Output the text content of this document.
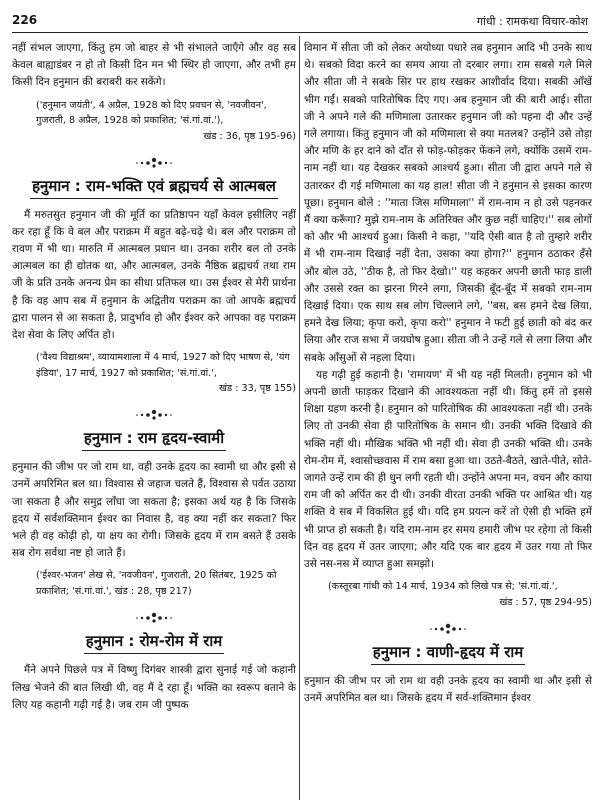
226	गांधी : रामकथा विचार-कोश

नहीं संभल जाएगा, किंतु हम जो बाहर से भी संभालते जाएँगे और वह सब केवल बाह्याडंबर न हो तो किसी दिन मन भी स्थिर हो जाएगा, और तभी हम किसी दिन हनुमान की बराबरी कर सकेंगे।

('हनुमान जयंती', 4 अप्रैल, 1928 को दिए प्रवचन से, 'नवजीवन', गुजराती, 8 अप्रैल, 1928 को प्रकाशित; 'सं.गां.वां.'),

खंड : 36, पृष्ठ 195-96)

हनुमान : राम-भक्ति एवं ब्रह्मचर्य से आत्मबल

मैं मरुतसुत हनुमान जी की मूर्ति का प्रतिष्ठापन यहाँ केवल इसीलिए नहीं कर रहा हूँ कि वे बल और पराक्रम में बहुत बढ़े-चढ़े थे। बल और पराक्रम तो रावण में भी था। मारुति में आत्मबल प्रधान था। उनका शरीर बल तो उनके आत्मबल का ही द्योतक था, और आत्मबल, उनके नैष्ठिक ब्रह्मचर्य तथा राम जी के प्रति उनके अनन्य प्रेम का सीधा प्रतिफल था। उस ईश्वर से मेरी प्रार्थना है कि वह आप सब में हनुमान के अद्वितीय पराक्रम का जो आपके ब्रह्मचर्य द्वारा पालन से आ सकता है, प्रादुर्भाव हो और ईश्वर करे आपका वह पराक्रम देश सेवा के लिए अर्पित हो।

('वैश्य विद्याश्रम', व्यायामशाला में 4 मार्च, 1927 को दिए भाषण से, 'यंग इंडिया', 17 मार्च, 1927 को प्रकाशित; 'सं.गां.वां.',

खंड : 33, पृष्ठ 155)

हनुमान : राम हृदय-स्वामी

हनुमान की जीभ पर जो राम था, वही उनके हृदय का स्वामी था और इसी से उनमें अपरिमित बल था। विश्वास से जहाज चलते हैं, विश्वास से पर्वत उठाया जा सकता है और समुद्र लाँघा जा सकता है; इसका अर्थ यह है कि जिसके हृदय में सर्वशक्तिमान ईश्वर का निवास है, वह क्या नहीं कर सकता? फिर भले ही वह कोढ़ी हो, या क्षय का रोगी। जिसके हृदय में राम बसते हैं उसके सब रोग सर्वथा नष्ट हो जाते हैं।

('ईश्वर-भजन' लेख से, 'नवजीवन', गुजराती, 20 सितंबर, 1925 को प्रकाशित; 'सं.गां.वां.', खंड : 28, पृष्ठ 217)

हनुमान : रोम-रोम में राम

मैंने अपने पिछले पत्र में विष्णु दिगंबर शास्त्री द्वारा सुनाई गई जो कहानी लिख भेजने की बात लिखी थी, वह मैं दे रहा हूँ। भक्ति का स्वरूप बताने के लिए यह कहानी गढ़ी गई है। जब राम जी पुष्पक

विमान में सीता जी को लेकर अयोध्या पधारे तब हनुमान आदि भी उनके साथ थे। सबको विदा करने का समय आया तो दरबार लगा। राम सबसे गले मिले और सीता जी ने सबके सिर पर हाथ रखकर आशीर्वाद दिया। सबकी आँखें भीग गईं। सबको पारितोषिक दिए गए। अब हनुमान जी की बारी आई। सीता जी ने अपने गले की मणिमाला उतारकर हनुमान जी को पहना दी और उन्हें गले लगाया। किंतु हनुमान जी को मणिमाला से क्या मतलब? उन्होंने उसे तोड़ा और मणि के हर दाने को दाँत से फोड़-फोड़कर फेंकने लगे, क्योंकि उसमें राम-नाम नहीं था। यह देखकर सबको आश्चर्य हुआ। सीता जी द्वारा अपने गले से उतारकर दी गई मणिमाला का यह हाल! सीता जी ने हनुमान से इसका कारण पूछा। हनुमान बोले : ''माता जिस मणिमाला'' में राम-नाम न हो उसे पहनकर मैं क्या करूँगा? मुझे राम-नाम के अतिरिक्त और कुछ नहीं चाहिए।'' सब लोगों को और भी आश्चर्य हुआ। किसी ने कहा, ''यदि ऐसी बात है तो तुम्हारे शरीर में भी राम-नाम दिखाई नहीं देता, उसका क्या होगा?'' हनुमान ठठाकर हँसे और बोल उठे, ''ठीक है, तो फिर देखो।'' यह कहकर अपनी छाती फाड़ डाली और उससे रक्त का झरना गिरने लगा, जिसकी बूँद-बूँद में सबको राम-नाम दिखाई दिया। एक साथ सब लोग चिल्लाने लगे, ''बस, बस हमने देख लिया, हमने देख लिया; कृपा करो, कृपा करो'' हनुमान ने फटी हुई छाती को बंद कर लिया और राज सभा में जयघोष हुआ। सीता जी ने उन्हें गले से लगा लिया और सबके आँसुओं से नहला दिया।

यह गढ़ी हुई कहानी है। 'रामायण' में भी यह नहीं मिलती। हनुमान को भी अपनी छाती फाड़कर दिखाने की आवश्यकता नहीं थी। किंतु हमें तो इससे शिक्षा ग्रहण करनी है। हनुमान को पारितोषिक की आवश्यकता नहीं थी। उनके लिए तो उनकी सेवा ही पारितोषिक के समान थी। उनकी भक्ति दिखावे की भक्ति नहीं थी। मौखिक भक्ति भी नहीं थी। सेवा ही उनकी भक्ति थी। उनके रोम-रोम में, श्वासोच्छवास में राम बसा हुआ था। उठते-बैठते, खाते-पीते, सोते-जागते उन्हें राम की ही धुन लगी रहती थी। उन्होंने अपना मन, वचन और काया राम जी को अर्पित कर दी थी। उनकी वीरता उनकी भक्ति पर आश्रित थी। यह शक्ति वे सब में विकसित हुई थी। यदि हम प्रयत्न करें तो ऐसी ही भक्ति हमें भी प्राप्त हो सकती है। यदि राम-नाम हर समय हमारी जीभ पर रहेगा तो किसी दिन वह हृदय में उतर जाएगा; और यदि एक बार हृदय में उतर गया तो फिर उसे नस-नस में व्याप्त हुआ समझो।

(कस्तूरबा गांधी को 14 मार्च, 1934 को लिखे पत्र से; 'सं.गां.वां.',

खंड : 57, पृष्ठ 294-95)

हनुमान : वाणी-हृदय में राम

हनुमान की जीभ पर जो राम था वही उनके हृदय का स्वामी था और इसी से उनमें अपरिमित बल था। जिसके हृदय में सर्व-शक्तिमान ईश्वर
